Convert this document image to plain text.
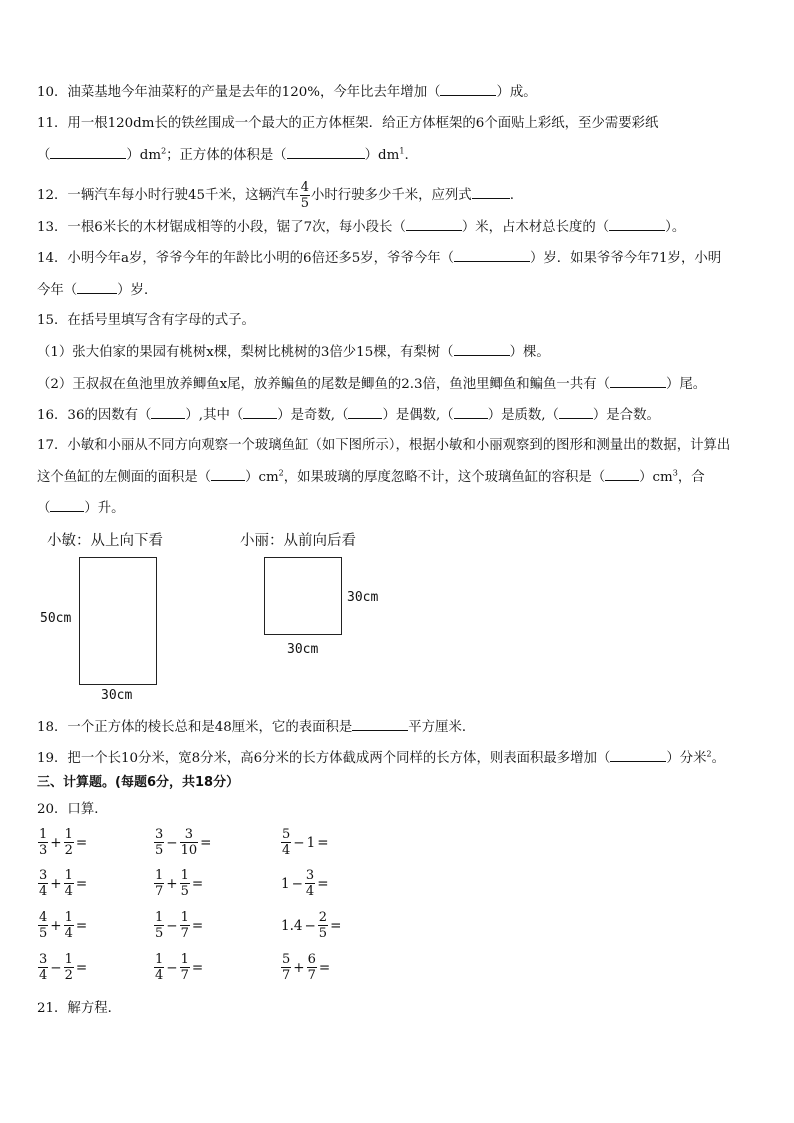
10．油菜基地今年油菜籽的产量是去年的120%，今年比去年增加（	）成。
11．用一根120dm长的铁丝围成一个最大的正方体框架．给正方体框架的6个面贴上彩纸，至少需要彩纸
（	）$dm^2$；正方体的体积是（	）$dm^1$.
12．一辆汽车每小时行驶45千米，这辆汽车 $\frac{4}{5}$ 小时行驶多少千米，应列式	.
13．一根6米长的木材锯成相等的小段，锯了7次，每小段长（	）米，占木材总长度的（	）。
14．小明今年a岁，爷爷今年的年龄比小明的6倍还多5岁，爷爷今年（	）岁．如果爷爷今年71岁，小明
今年（	）岁．
15．在括号里填写含有字母的式子。
（1）张大伯家的果园有桃树x棵，梨树比桃树的3倍少15棵，有梨树（	）棵。
（2）王叔叔在鱼池里放养鲫鱼x尾，放养鳊鱼的尾数是鲫鱼的2.3倍，鱼池里鲫鱼和鳊鱼一共有（	）尾。
16．36的因数有（	）,其中（	）是奇数,（	）是偶数,（	）是质数,（	）是合数。
17．小敏和小丽从不同方向观察一个玻璃鱼缸（如下图所示），根据小敏和小丽观察到的图形和测量出的数据，计算出
这个鱼缸的左侧面的面积是（	）$cm^2$，如果玻璃的厚度忽略不计，这个玻璃鱼缸的容积是（	）$cm^3$，合
（	）升。
小敏：从上向下看	小丽：从前向后看
50cm
30cm
30cm
30cm
18．一个正方体的棱长总和是48厘米，它的表面积是	平方厘米．
19．把一个长10分米，宽8分米，高6分米的长方体截成两个同样的长方体，则表面积最多增加（	）分米$^2$。
三、计算题。(每题6分，共18分）
20．口算．
$\frac{1}{3} + \frac{1}{2}$ =	$\frac{3}{5} - \frac{3}{10}$ =	$\frac{5}{4} - 1$ =
$\frac{3}{4} + \frac{1}{4}$ =	$\frac{1}{7} + \frac{1}{5}$ =	$1 - \frac{3}{4}$ =
$\frac{4}{5} + \frac{1}{4}$ =	$\frac{1}{5} - \frac{1}{7}$ =	$1.4 - \frac{2}{5}$ =
$\frac{3}{4} - \frac{1}{2}$ =	$\frac{1}{4} - \frac{1}{7}$ =	$\frac{5}{7} + \frac{6}{7}$ =
21．解方程．
